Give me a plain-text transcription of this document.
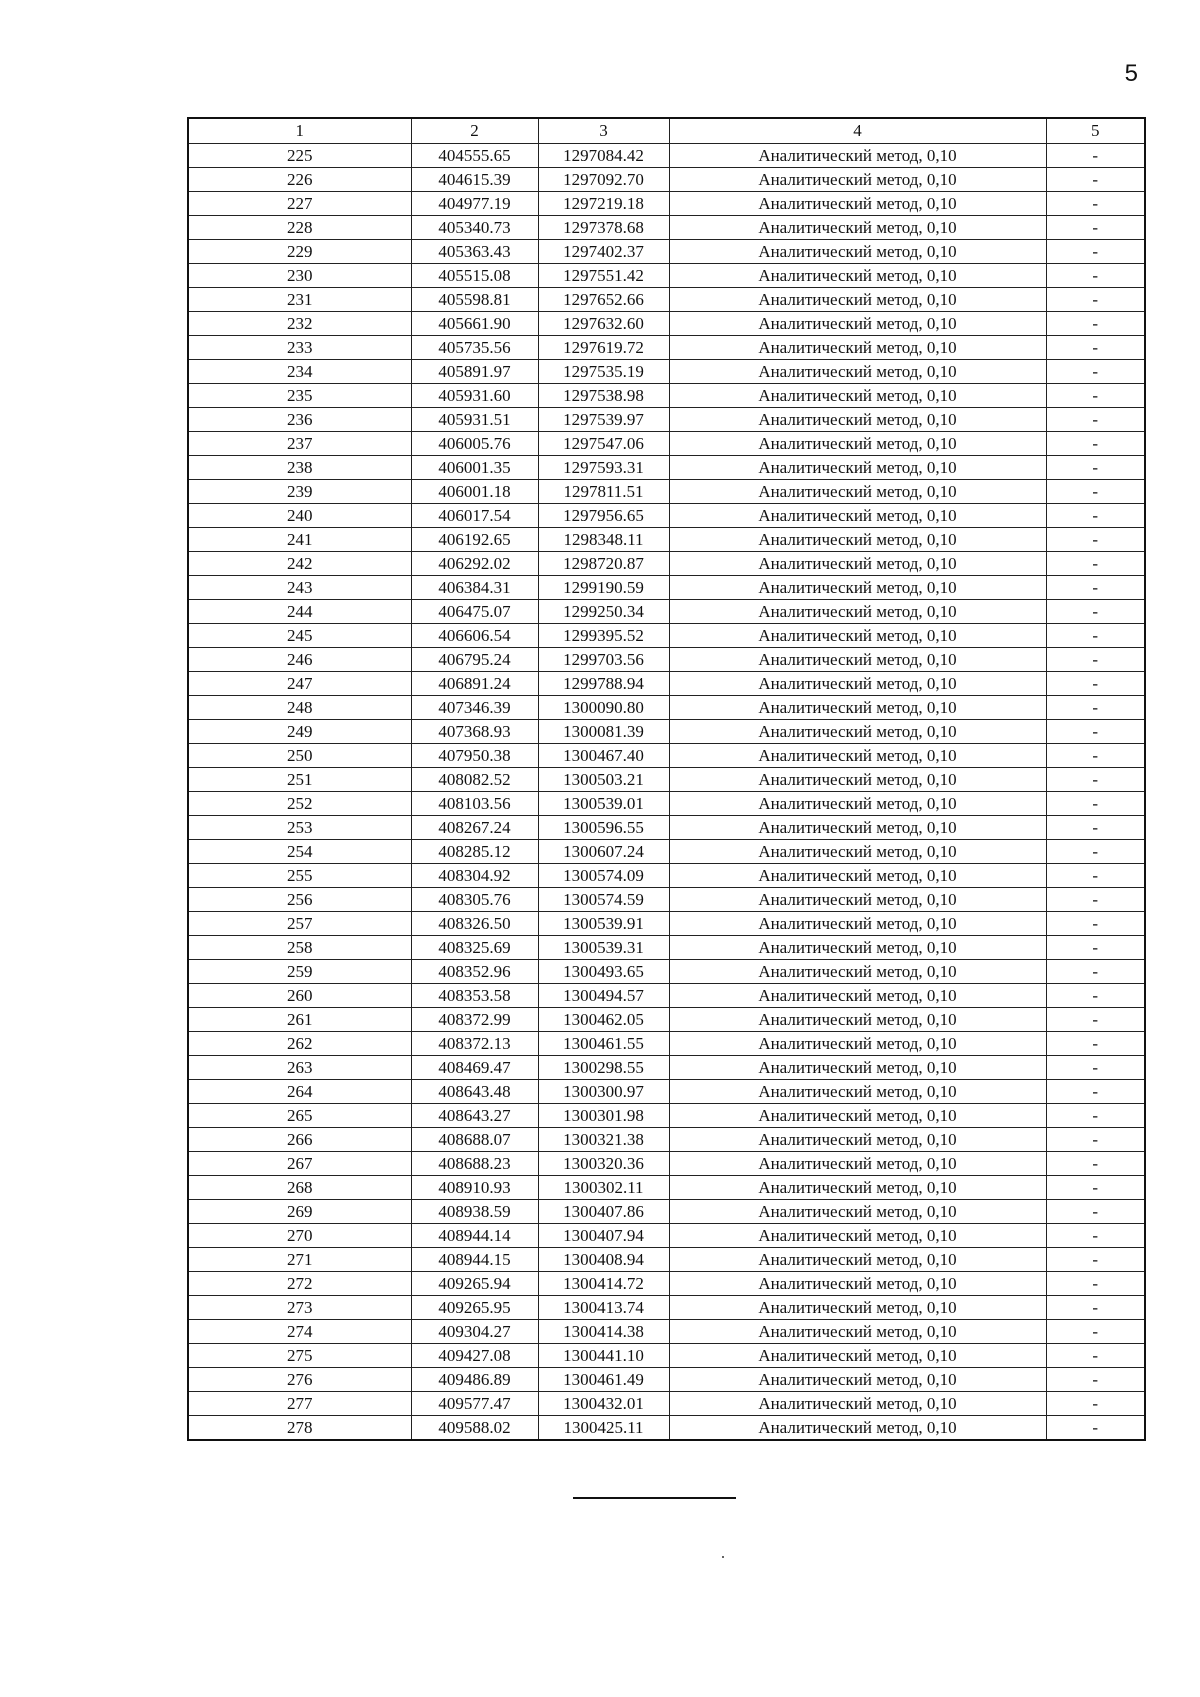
5
1	2	3	4	5
225	404555.65	1297084.42	Аналитический метод, 0,10	-
226	404615.39	1297092.70	Аналитический метод, 0,10	-
227	404977.19	1297219.18	Аналитический метод, 0,10	-
228	405340.73	1297378.68	Аналитический метод, 0,10	-
229	405363.43	1297402.37	Аналитический метод, 0,10	-
230	405515.08	1297551.42	Аналитический метод, 0,10	-
231	405598.81	1297652.66	Аналитический метод, 0,10	-
232	405661.90	1297632.60	Аналитический метод, 0,10	-
233	405735.56	1297619.72	Аналитический метод, 0,10	-
234	405891.97	1297535.19	Аналитический метод, 0,10	-
235	405931.60	1297538.98	Аналитический метод, 0,10	-
236	405931.51	1297539.97	Аналитический метод, 0,10	-
237	406005.76	1297547.06	Аналитический метод, 0,10	-
238	406001.35	1297593.31	Аналитический метод, 0,10	-
239	406001.18	1297811.51	Аналитический метод, 0,10	-
240	406017.54	1297956.65	Аналитический метод, 0,10	-
241	406192.65	1298348.11	Аналитический метод, 0,10	-
242	406292.02	1298720.87	Аналитический метод, 0,10	-
243	406384.31	1299190.59	Аналитический метод, 0,10	-
244	406475.07	1299250.34	Аналитический метод, 0,10	-
245	406606.54	1299395.52	Аналитический метод, 0,10	-
246	406795.24	1299703.56	Аналитический метод, 0,10	-
247	406891.24	1299788.94	Аналитический метод, 0,10	-
248	407346.39	1300090.80	Аналитический метод, 0,10	-
249	407368.93	1300081.39	Аналитический метод, 0,10	-
250	407950.38	1300467.40	Аналитический метод, 0,10	-
251	408082.52	1300503.21	Аналитический метод, 0,10	-
252	408103.56	1300539.01	Аналитический метод, 0,10	-
253	408267.24	1300596.55	Аналитический метод, 0,10	-
254	408285.12	1300607.24	Аналитический метод, 0,10	-
255	408304.92	1300574.09	Аналитический метод, 0,10	-
256	408305.76	1300574.59	Аналитический метод, 0,10	-
257	408326.50	1300539.91	Аналитический метод, 0,10	-
258	408325.69	1300539.31	Аналитический метод, 0,10	-
259	408352.96	1300493.65	Аналитический метод, 0,10	-
260	408353.58	1300494.57	Аналитический метод, 0,10	-
261	408372.99	1300462.05	Аналитический метод, 0,10	-
262	408372.13	1300461.55	Аналитический метод, 0,10	-
263	408469.47	1300298.55	Аналитический метод, 0,10	-
264	408643.48	1300300.97	Аналитический метод, 0,10	-
265	408643.27	1300301.98	Аналитический метод, 0,10	-
266	408688.07	1300321.38	Аналитический метод, 0,10	-
267	408688.23	1300320.36	Аналитический метод, 0,10	-
268	408910.93	1300302.11	Аналитический метод, 0,10	-
269	408938.59	1300407.86	Аналитический метод, 0,10	-
270	408944.14	1300407.94	Аналитический метод, 0,10	-
271	408944.15	1300408.94	Аналитический метод, 0,10	-
272	409265.94	1300414.72	Аналитический метод, 0,10	-
273	409265.95	1300413.74	Аналитический метод, 0,10	-
274	409304.27	1300414.38	Аналитический метод, 0,10	-
275	409427.08	1300441.10	Аналитический метод, 0,10	-
276	409486.89	1300461.49	Аналитический метод, 0,10	-
277	409577.47	1300432.01	Аналитический метод, 0,10	-
278	409588.02	1300425.11	Аналитический метод, 0,10	-
